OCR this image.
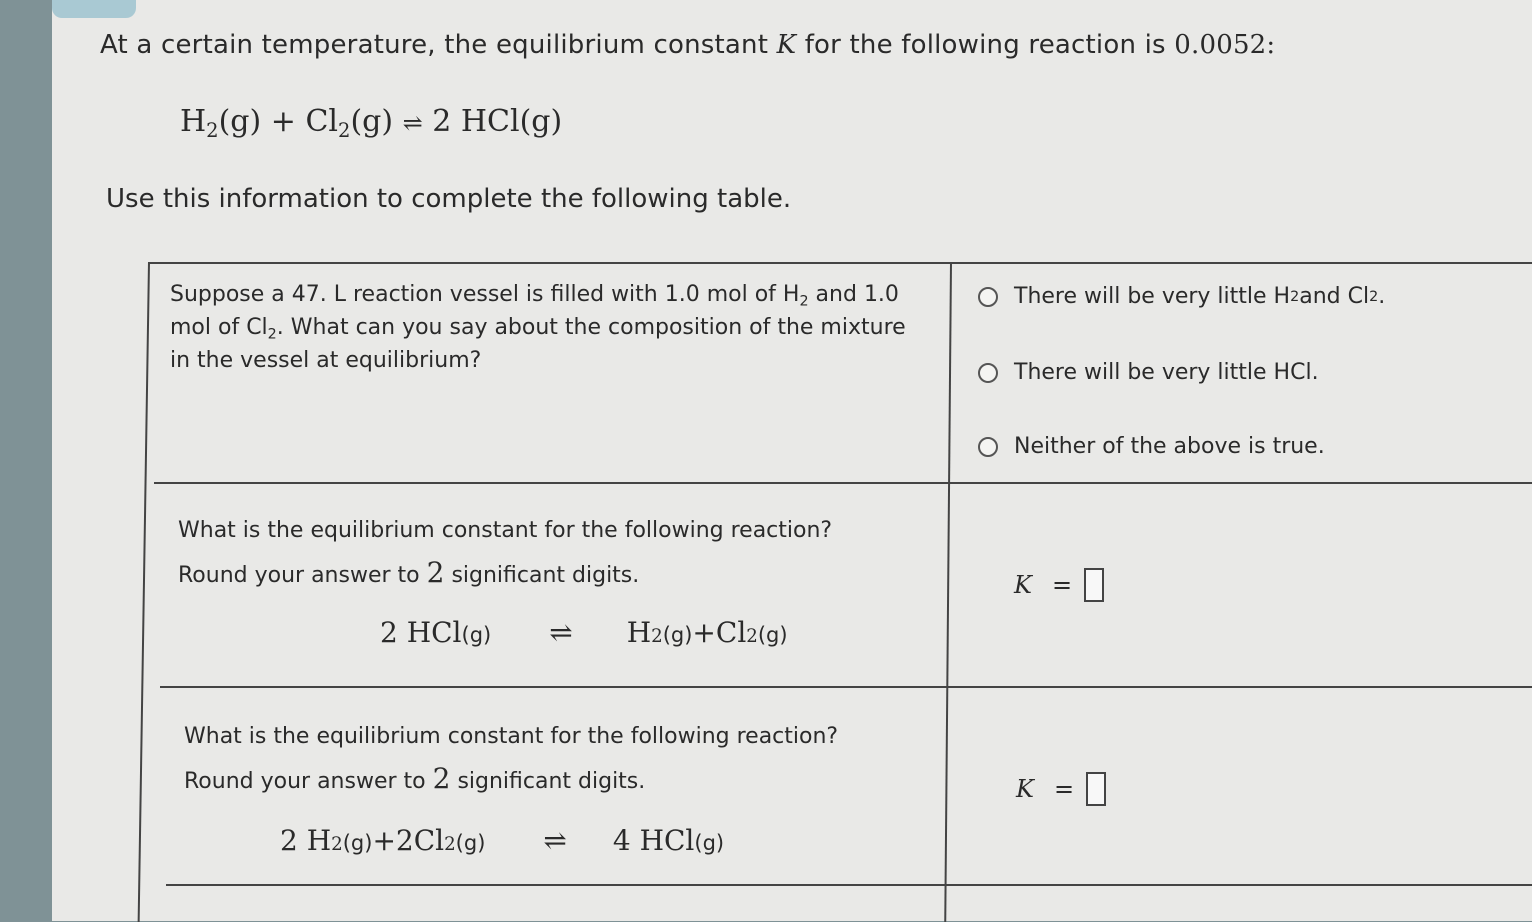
At a certain temperature, the equilibrium constant K for the following reaction is 0.0052:
$H_2(g) + Cl_2(g)$ ⇌ 2 HCl(g)
Use this information to complete the following table.
Suppose a 47. L reaction vessel is filled with 1.0 mol of $H_2$ and 1.0 mol of $Cl_2$. What can you say about the composition of the mixture in the vessel at equilibrium?
There will be very little H 2 and Cl 2 .
There will be very little HCl.
Neither of the above is true.
What is the equilibrium constant for the following reaction?
Round your answer to 2 significant digits.
2 HCl (g) ⇌ H 2 (g) + Cl 2 (g)
K =
What is the equilibrium constant for the following reaction?
Round your answer to 2 significant digits.
2 H 2 (g) +2Cl 2 (g) ⇌ 4 HCl (g)
K =
